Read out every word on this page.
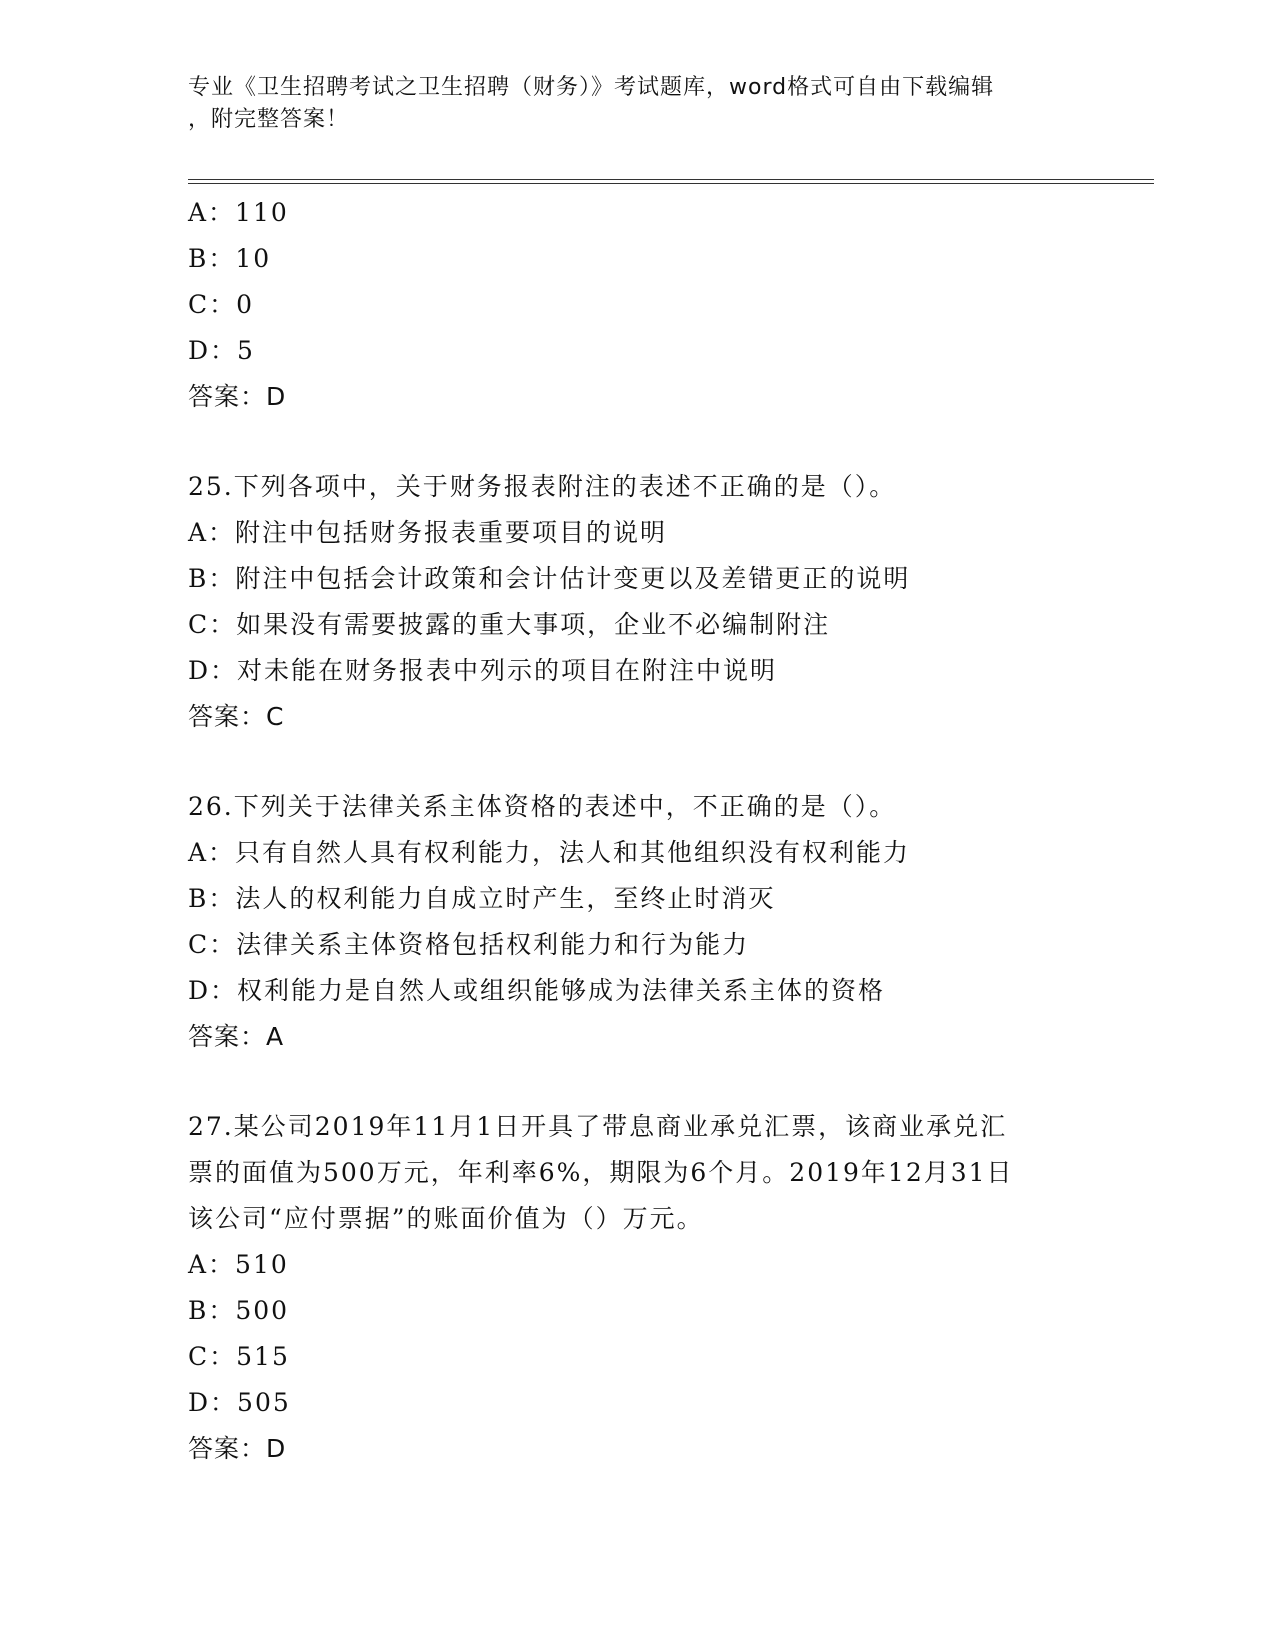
专业《卫生招聘考试之卫生招聘（财务）》考试题库，word格式可自由下载编辑
，附完整答案！
A：110
B：10
C：0
D：5
答案：D
25.下列各项中，关于财务报表附注的表述不正确的是（）。
A：附注中包括财务报表重要项目的说明
B：附注中包括会计政策和会计估计变更以及差错更正的说明
C：如果没有需要披露的重大事项，企业不必编制附注
D：对未能在财务报表中列示的项目在附注中说明
答案：C
26.下列关于法律关系主体资格的表述中，不正确的是（）。
A：只有自然人具有权利能力，法人和其他组织没有权利能力
B：法人的权利能力自成立时产生，至终止时消灭
C：法律关系主体资格包括权利能力和行为能力
D：权利能力是自然人或组织能够成为法律关系主体的资格
答案：A
27.某公司2019年11月1日开具了带息商业承兑汇票，该商业承兑汇
票的面值为500万元，年利率6%，期限为6个月。2019年12月31日
该公司“应付票据”的账面价值为（）万元。
A：510
B：500
C：515
D：505
答案：D
